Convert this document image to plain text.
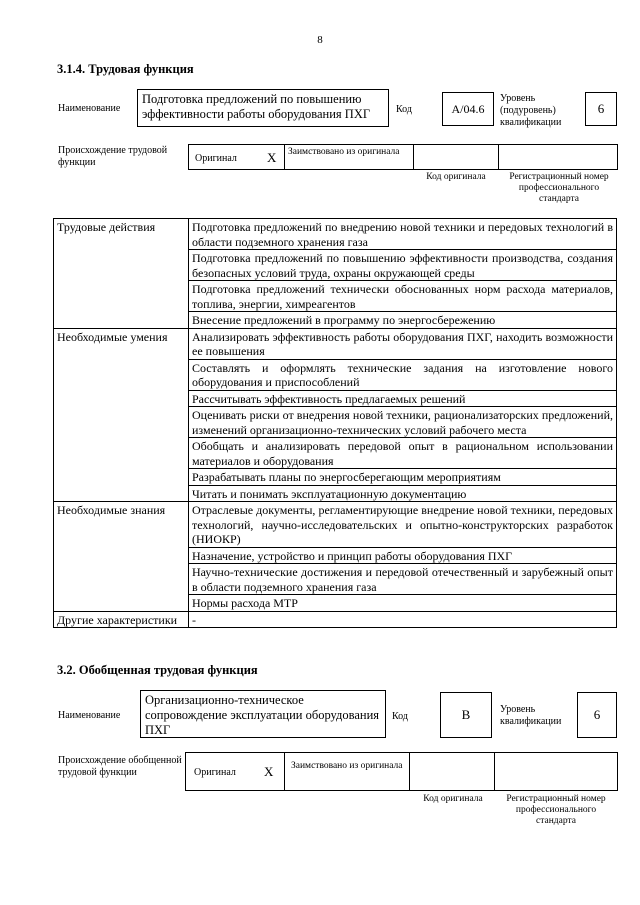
8
3.1.4. Трудовая функция
Наименование
Подготовка предложений по повышению эффективности работы оборудования ПХГ	Код	A/04.6
Уровень (подуровень) квалификации
6
Происхождение трудовой функции	Оригинал X Заимствовано из оригинала
Код оригинала	Регистрационный номер профессионального стандарта
Трудовые действия	Подготовка предложений по внедрению новой техники и передовых технологий в области подземного хранения газа
	Подготовка предложений по повышению эффективности производства, создания безопасных условий труда, охраны окружающей среды
	Подготовка предложений технически обоснованных норм расхода материалов, топлива, энергии, химреагентов
	Внесение предложений в программу по энергосбережению
Необходимые умения	Анализировать эффективность работы оборудования ПХГ, находить возможности ее повышения
	Составлять и оформлять технические задания на изготовление нового оборудования и приспособлений
	Рассчитывать эффективность предлагаемых решений
	Оценивать риски от внедрения новой техники, рационализаторских предложений, изменений организационно-технических условий рабочего места
	Обобщать и анализировать передовой опыт в рациональном использовании материалов и оборудования
	Разрабатывать планы по энергосберегающим мероприятиям
	Читать и понимать эксплуатационную документацию
Необходимые знания	Отраслевые документы, регламентирующие внедрение новой техники, передовых технологий, научно-исследовательских и опытно-конструкторских разработок (НИОКР)
	Назначение, устройство и принцип работы оборудования ПХГ
	Научно-технические достижения и передовой отечественный и зарубежный опыт в области подземного хранения газа
	Нормы расхода МТР
Другие характеристики	-
3.2. Обобщенная трудовая функция
Наименование
Организационно-техническое сопровождение эксплуатации оборудования ПХГ
Код	B	Уровень квалификации	6
Происхождение обобщенной трудовой функции	Оригинал X Заимствовано из оригинала
Код оригинала	Регистрационный номер профессионального стандарта
